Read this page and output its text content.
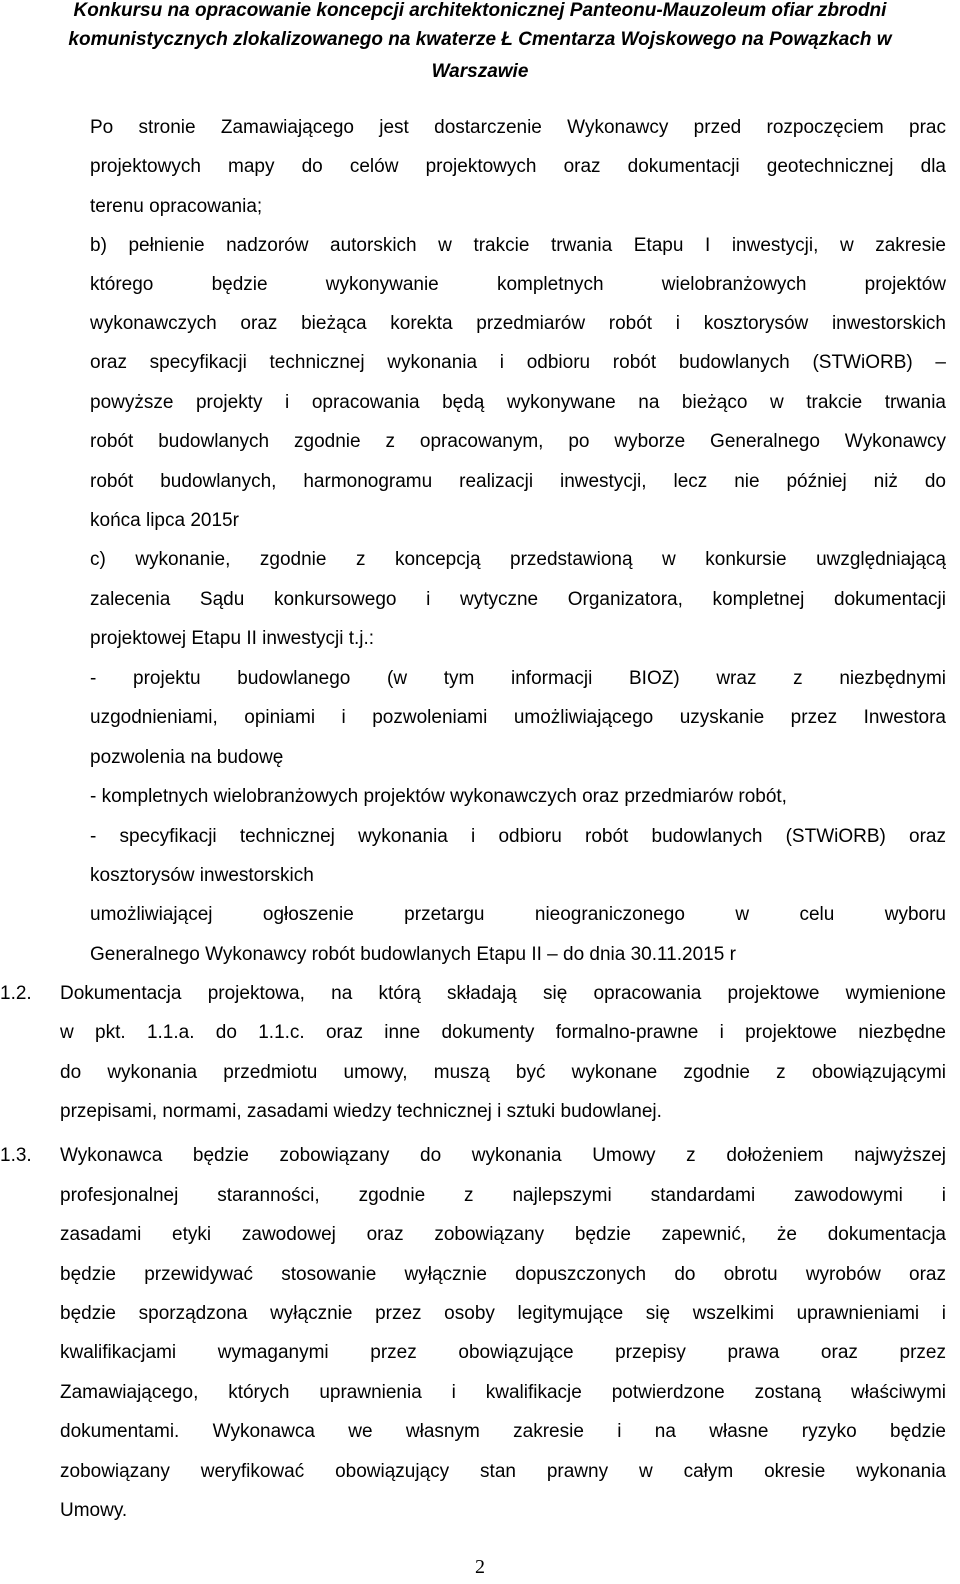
Konkursu na opracowanie koncepcji architektonicznej Panteonu-Mauzoleum ofiar zbrodni
komunistycznych zlokalizowanego na kwaterze Ł Cmentarza Wojskowego na Powązkach w
Warszawie
Po stronie Zamawiającego jest dostarczenie Wykonawcy przed rozpoczęciem prac
projektowych mapy do celów projektowych oraz dokumentacji geotechnicznej dla
terenu opracowania;
b) pełnienie nadzorów autorskich w trakcie trwania Etapu I inwestycji, w zakresie
którego będzie wykonywanie kompletnych wielobranżowych projektów
wykonawczych oraz bieżąca korekta przedmiarów robót i kosztorysów inwestorskich
oraz specyfikacji technicznej wykonania i odbioru robót budowlanych (STWiORB) –
powyższe projekty i opracowania będą wykonywane na bieżąco w trakcie trwania
robót budowlanych zgodnie z opracowanym, po wyborze Generalnego Wykonawcy
robót budowlanych, harmonogramu realizacji inwestycji, lecz nie później niż do
końca lipca 2015r
c) wykonanie, zgodnie z koncepcją przedstawioną w konkursie uwzględniającą
zalecenia Sądu konkursowego i wytyczne Organizatora, kompletnej dokumentacji
projektowej Etapu II inwestycji t.j.:
- projektu budowlanego (w tym informacji BIOZ) wraz z niezbędnymi
uzgodnieniami, opiniami i pozwoleniami umożliwiającego uzyskanie przez Inwestora
pozwolenia na budowę
- kompletnych wielobranżowych projektów wykonawczych oraz przedmiarów robót,
- specyfikacji technicznej wykonania i odbioru robót budowlanych (STWiORB) oraz
kosztorysów inwestorskich
umożliwiającej ogłoszenie przetargu nieograniczonego w celu wyboru
Generalnego Wykonawcy robót budowlanych Etapu II – do dnia 30.11.2015 r
1.2. Dokumentacja projektowa, na którą składają się opracowania projektowe wymienione
w pkt. 1.1.a. do 1.1.c. oraz inne dokumenty formalno-prawne i projektowe niezbędne
do wykonania przedmiotu umowy, muszą być wykonane zgodnie z obowiązującymi
przepisami, normami, zasadami wiedzy technicznej i sztuki budowlanej.
1.3. Wykonawca będzie zobowiązany do wykonania Umowy z dołożeniem najwyższej
profesjonalnej staranności, zgodnie z najlepszymi standardami zawodowymi i
zasadami etyki zawodowej oraz zobowiązany będzie zapewnić, że dokumentacja
będzie przewidywać stosowanie wyłącznie dopuszczonych do obrotu wyrobów oraz
będzie sporządzona wyłącznie przez osoby legitymujące się wszelkimi uprawnieniami i
kwalifikacjami wymaganymi przez obowiązujące przepisy prawa oraz przez
Zamawiającego, których uprawnienia i kwalifikacje potwierdzone zostaną właściwymi
dokumentami. Wykonawca we własnym zakresie i na własne ryzyko będzie
zobowiązany weryfikować obowiązujący stan prawny w całym okresie wykonania
Umowy.
2
